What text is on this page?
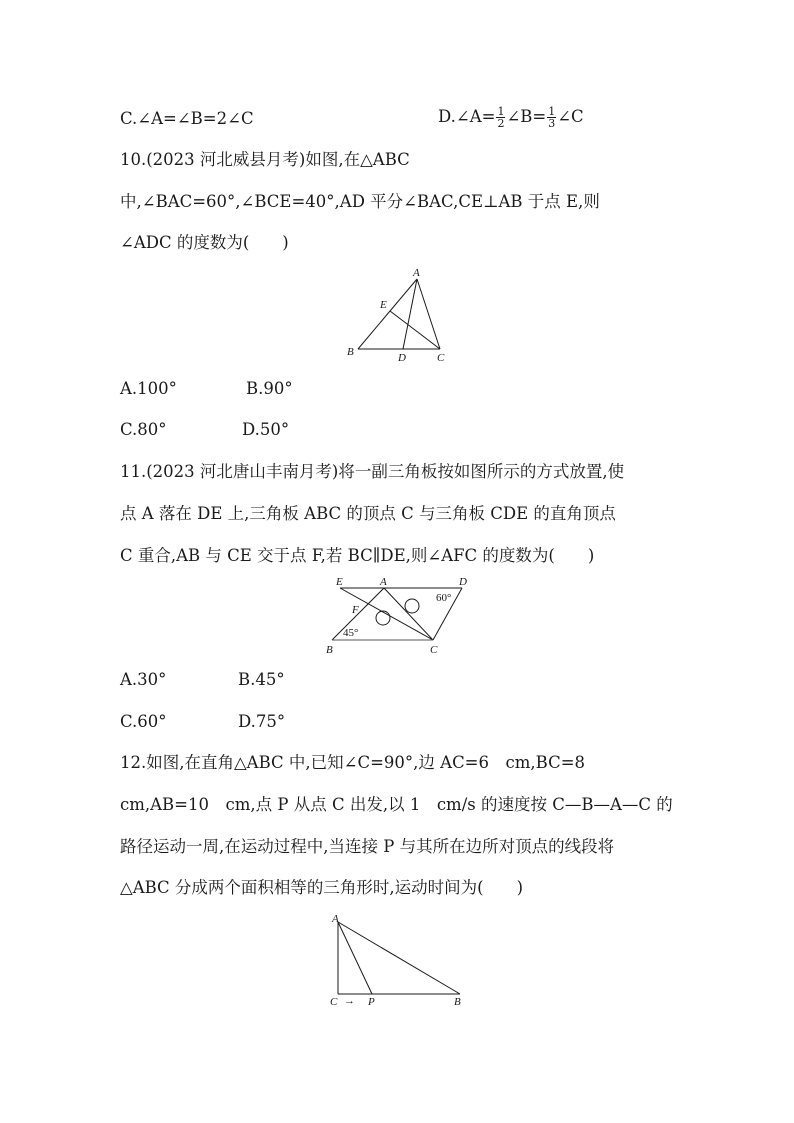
C.∠A=∠B=2∠C	D.∠A= $\frac{1}{2}$ ∠B= $\frac{1}{3}$ ∠C
10.(2023 河北威县月考)如图,在△ABC
中,∠BAC=60°,∠BCE=40°,AD 平分∠BAC,CE⊥AB 于点 E,则
∠ADC 的度数为(　　)
A
E
B	D	C
A.100°	B.90°
C.80°	D.50°
11.(2023 河北唐山丰南月考)将一副三角板按如图所示的方式放置,使
点 A 落在 DE 上,三角板 ABC 的顶点 C 与三角板 CDE 的直角顶点
C 重合,AB 与 CE 交于点 F,若 BC∥DE,则∠AFC 的度数为(　　)
E	A	D
F
60°
45°
B	C
A.30°	B.45°
C.60°	D.75°
12.如图,在直角△ABC 中,已知∠C=90°,边 AC=6　cm,BC=8
cm,AB=10　cm,点 P 从点 C 出发,以 1　cm/s 的速度按 C—B—A—C 的
路径运动一周,在运动过程中,当连接 P 与其所在边所对顶点的线段将
△ABC 分成两个面积相等的三角形时,运动时间为(　　)
A
C → P	B
